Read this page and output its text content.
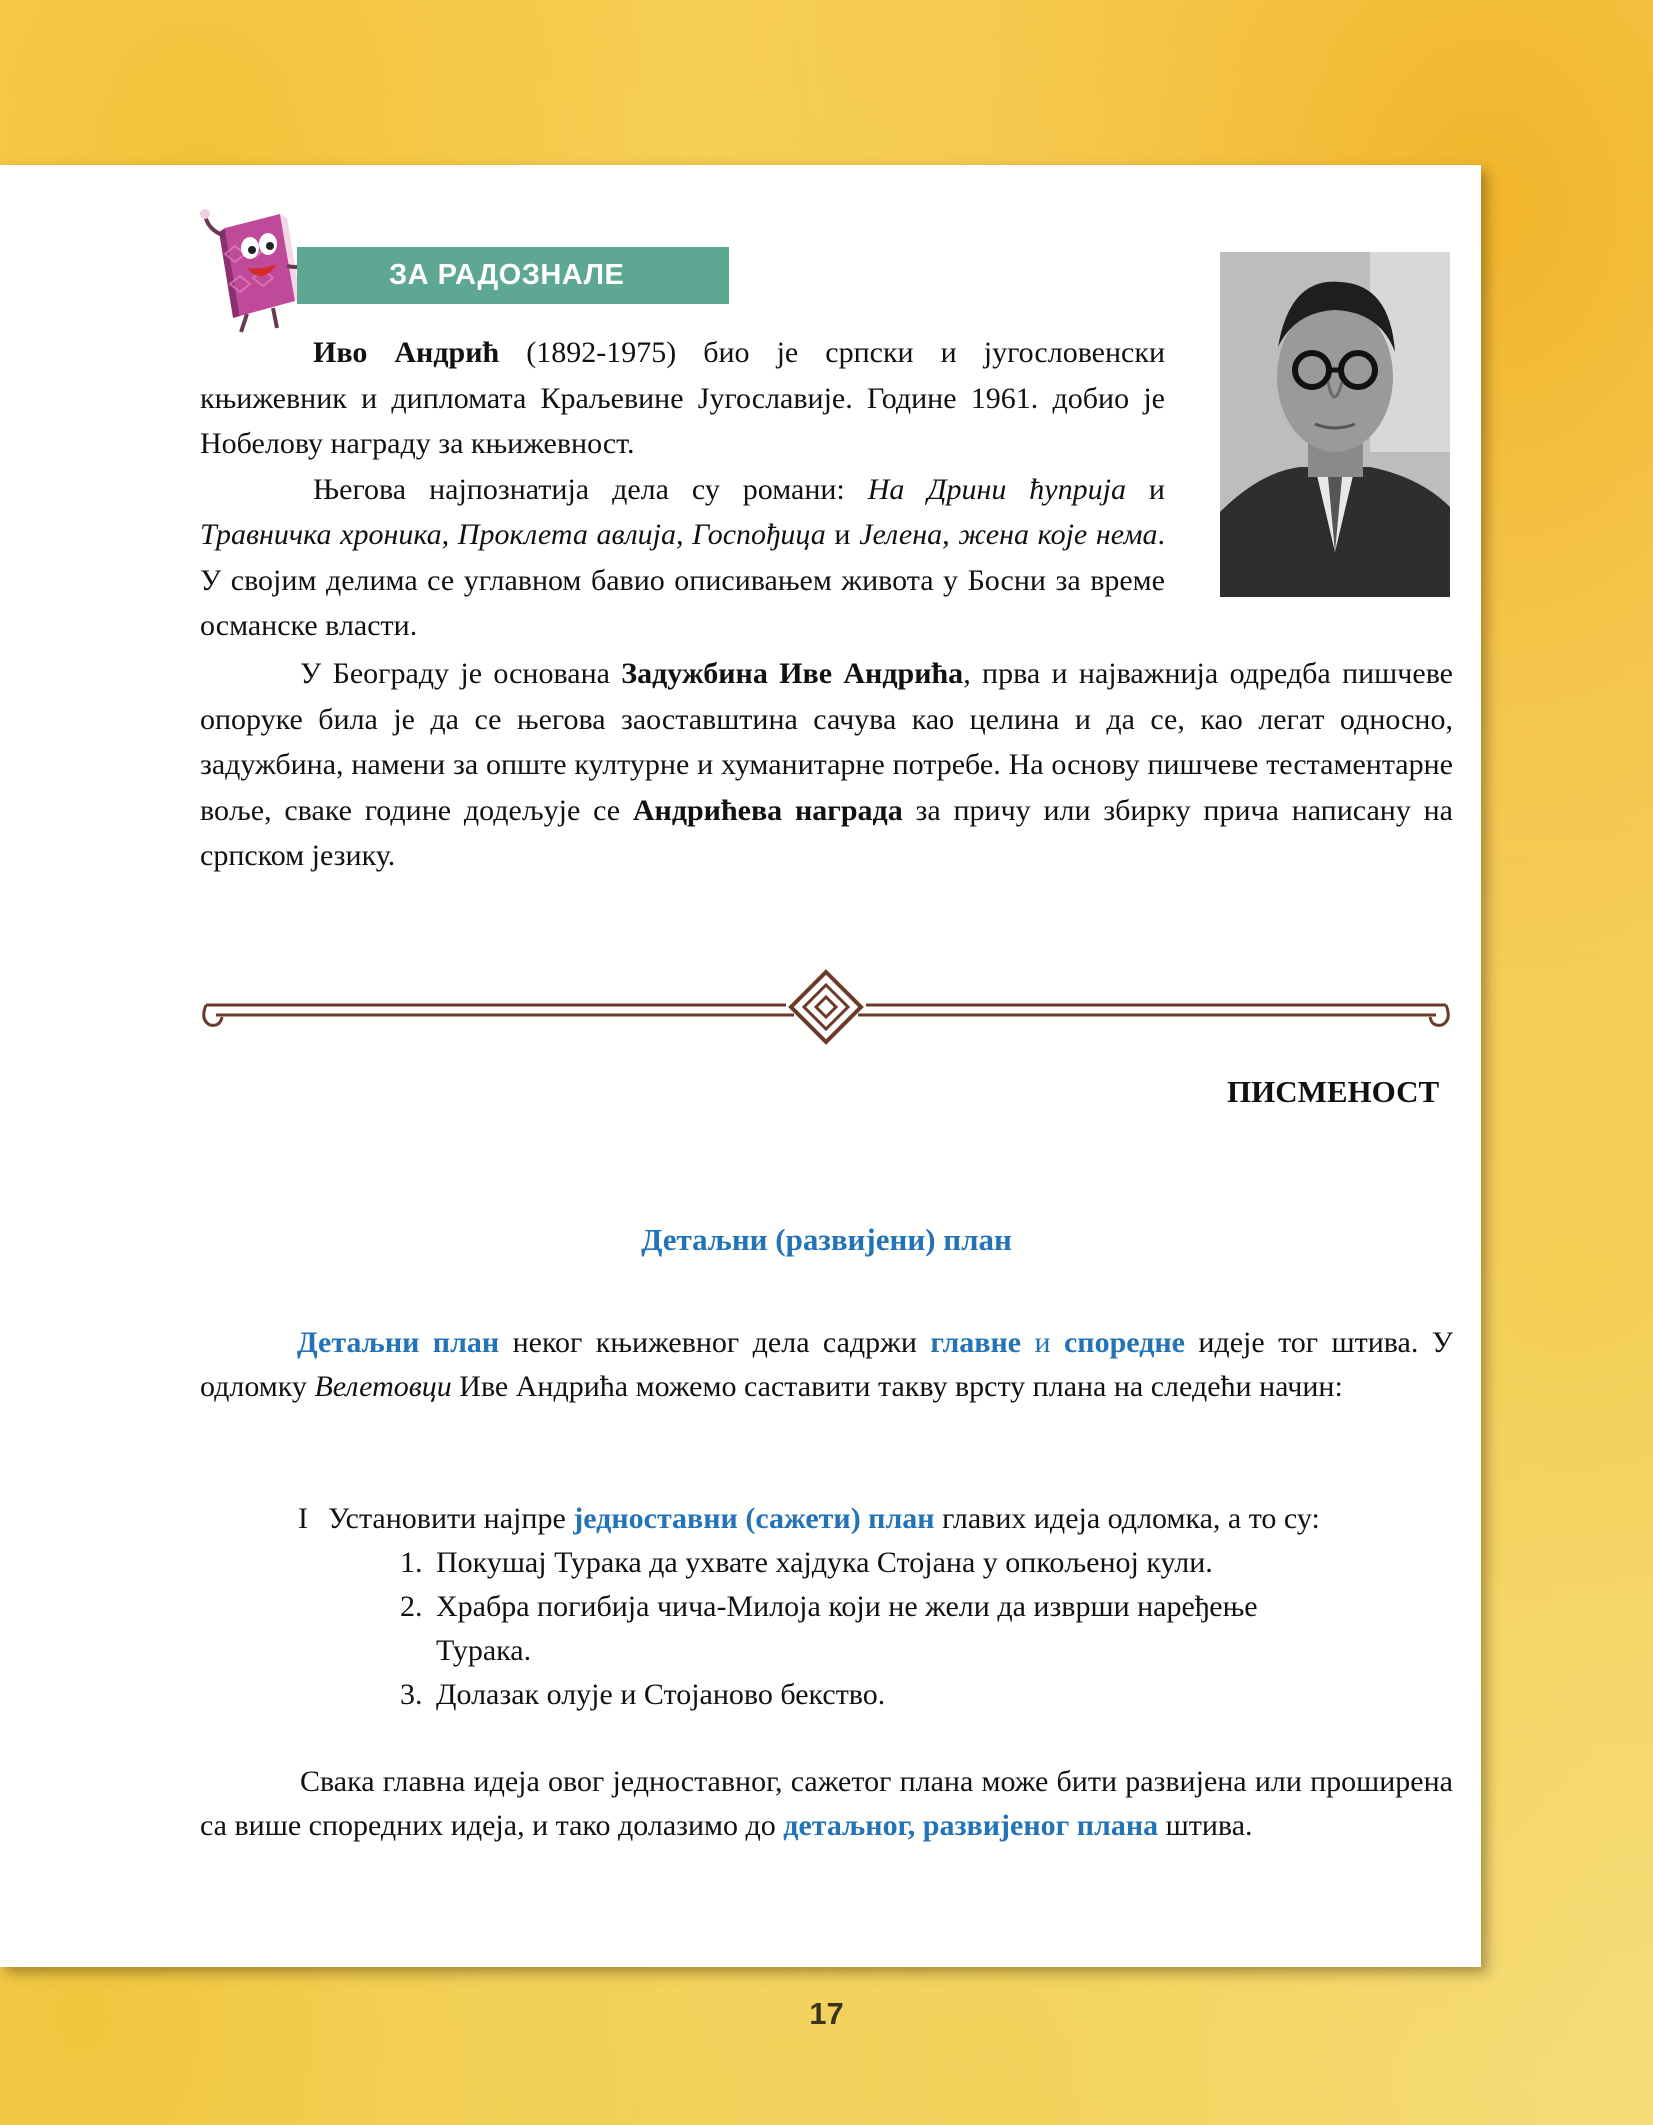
ЗА РАДОЗНАЛЕ
Иво Андрић (1892-1975) био је српски и југословенски књижевник и дипломата Краљевине Југославије. Године 1961. добио је Нобелову награду за књижевност.
Његова најпознатија дела су романи: На Дрини ћуприја и Травничка хроника, Проклета авлија, Госпођица и Јелена, жена које нема. У својим делима се углавном бавио описивањем живота у Босни за време османске власти.
У Београду је основана Задужбина Иве Андрића, прва и најважнија одредба пишчеве опоруке била је да се његова заоставштина сачува као целина и да се, као легат односно, задужбина, намени за опште културне и хуманитарне потребе. На основу пишчеве тестаментарне воље, сваке године додељује се Андрићева награда за причу или збирку прича написану на српском језику.
ПИСМЕНОСТ
Детаљни (развијени) план
Детаљни план неког књижевног дела садржи главне и споредне идеје тог штива. У одломку Велетовци Иве Андрића можемо саставити такву врсту плана на следећи начин:
I Установити најпре једноставни (сажети) план главих идеја одломка, а то су:
1. Покушај Турака да ухвате хајдука Стојана у опкољеној кули.
2. Храбра погибија чича-Милоја који не жели да изврши наређење
Турака.
3. Долазак олује и Стојаново бекство.
Свака главна идеја овог једноставног, сажетог плана може бити развијена или проширена са више споредних идеја, и тако долазимо до детаљног, развијеног плана штива.
17
